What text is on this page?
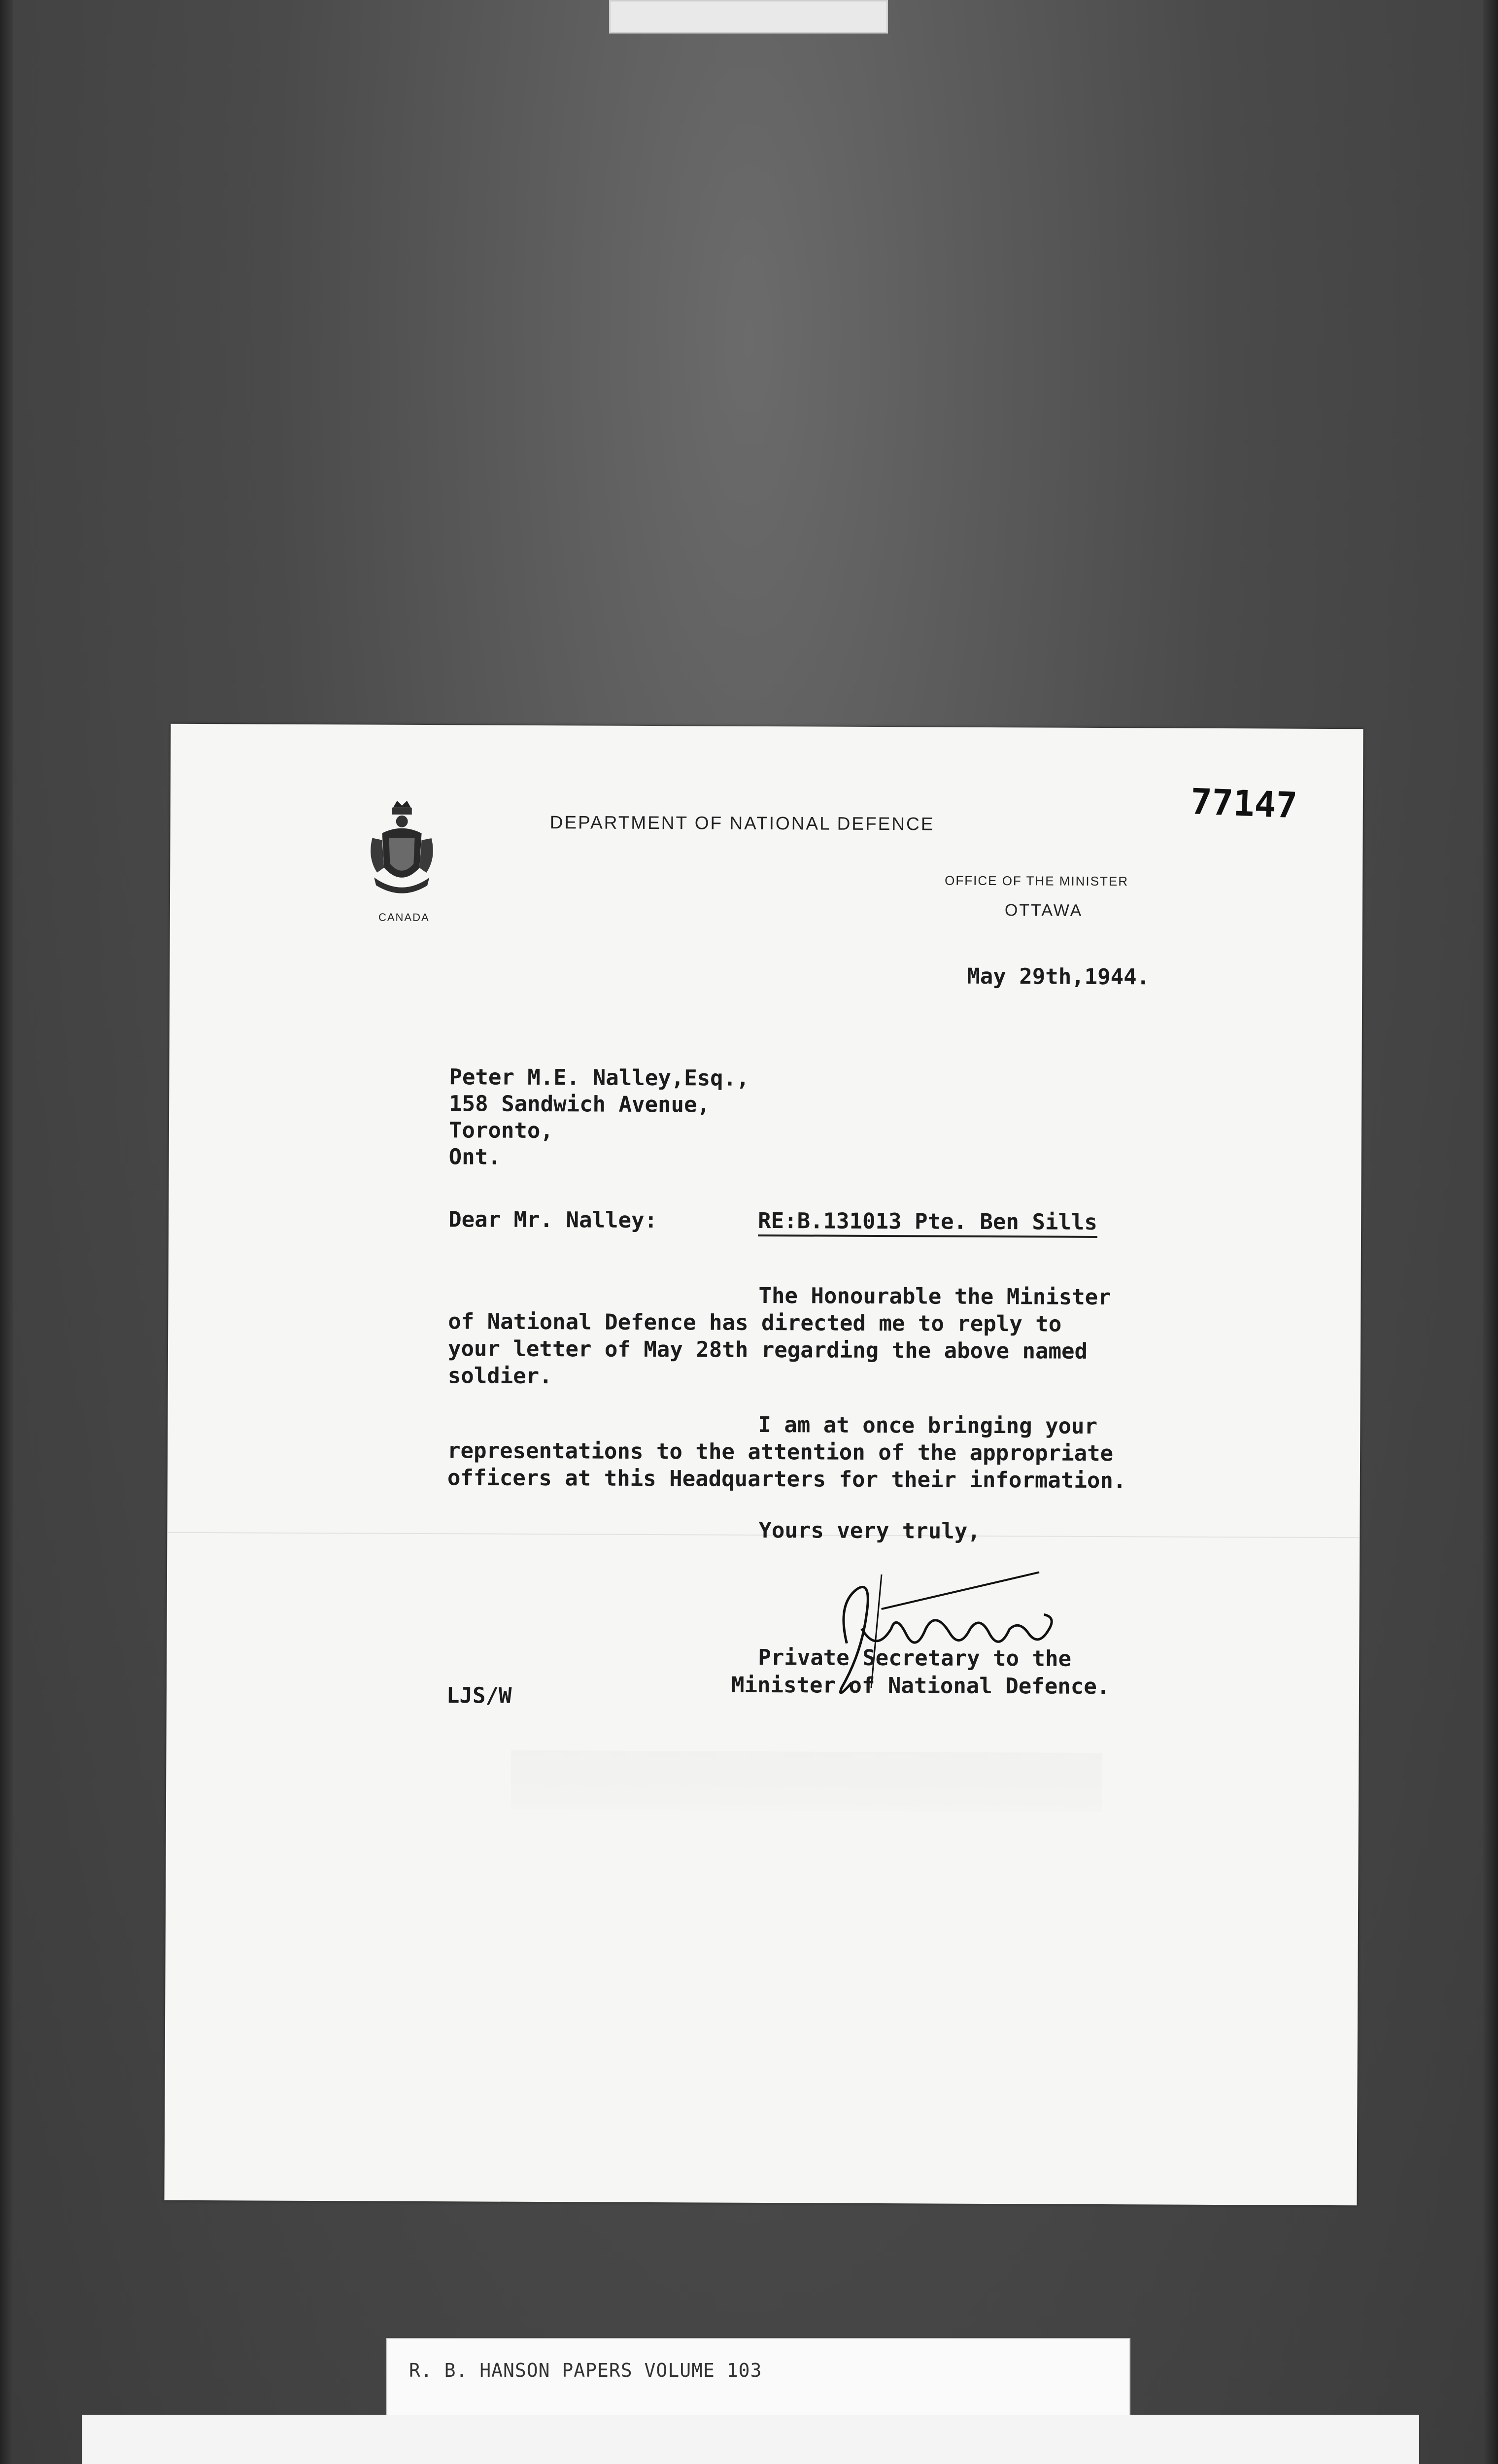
CANADA
DEPARTMENT OF NATIONAL DEFENCE
OFFICE OF THE MINISTER
OTTAWA
77147
May 29th,1944.
Peter M.E. Nalley,Esq.,
158 Sandwich Avenue,
Toronto,
Ont.
Dear Mr. Nalley:	RE:B.131013 Pte. Ben Sills

The Honourable the Minister
of National Defence has directed me to reply to
your letter of May 28th regarding the above named
soldier.

I am at once bringing your
representations to the attention of the appropriate
officers at this Headquarters for their information.

Yours very truly,
Private Secretary to the
Minister of National Defence.
LJS/W
R. B. HANSON PAPERS VOLUME 103
